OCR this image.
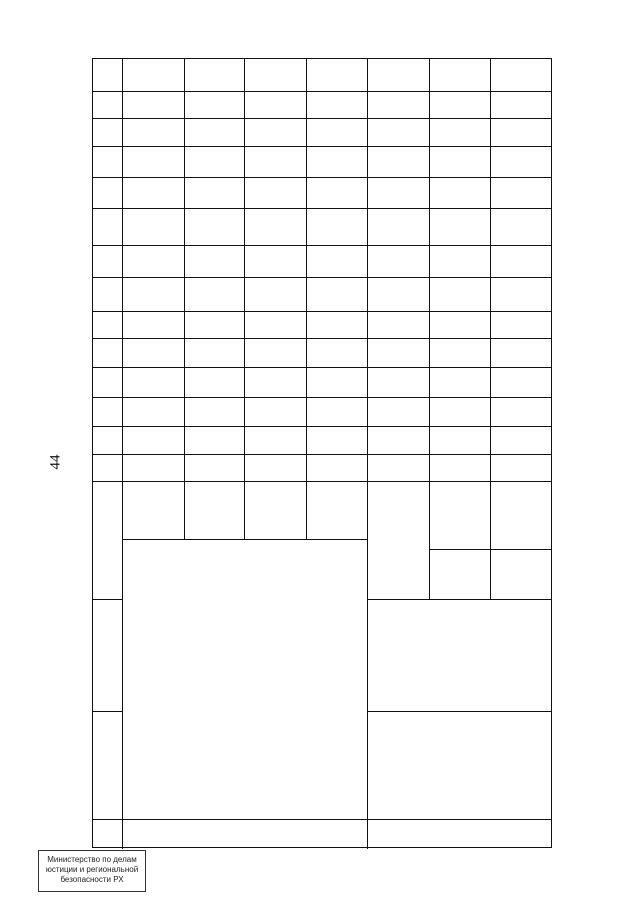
44
Министерство по делам
юстиции и региональной
безопасности РХ
